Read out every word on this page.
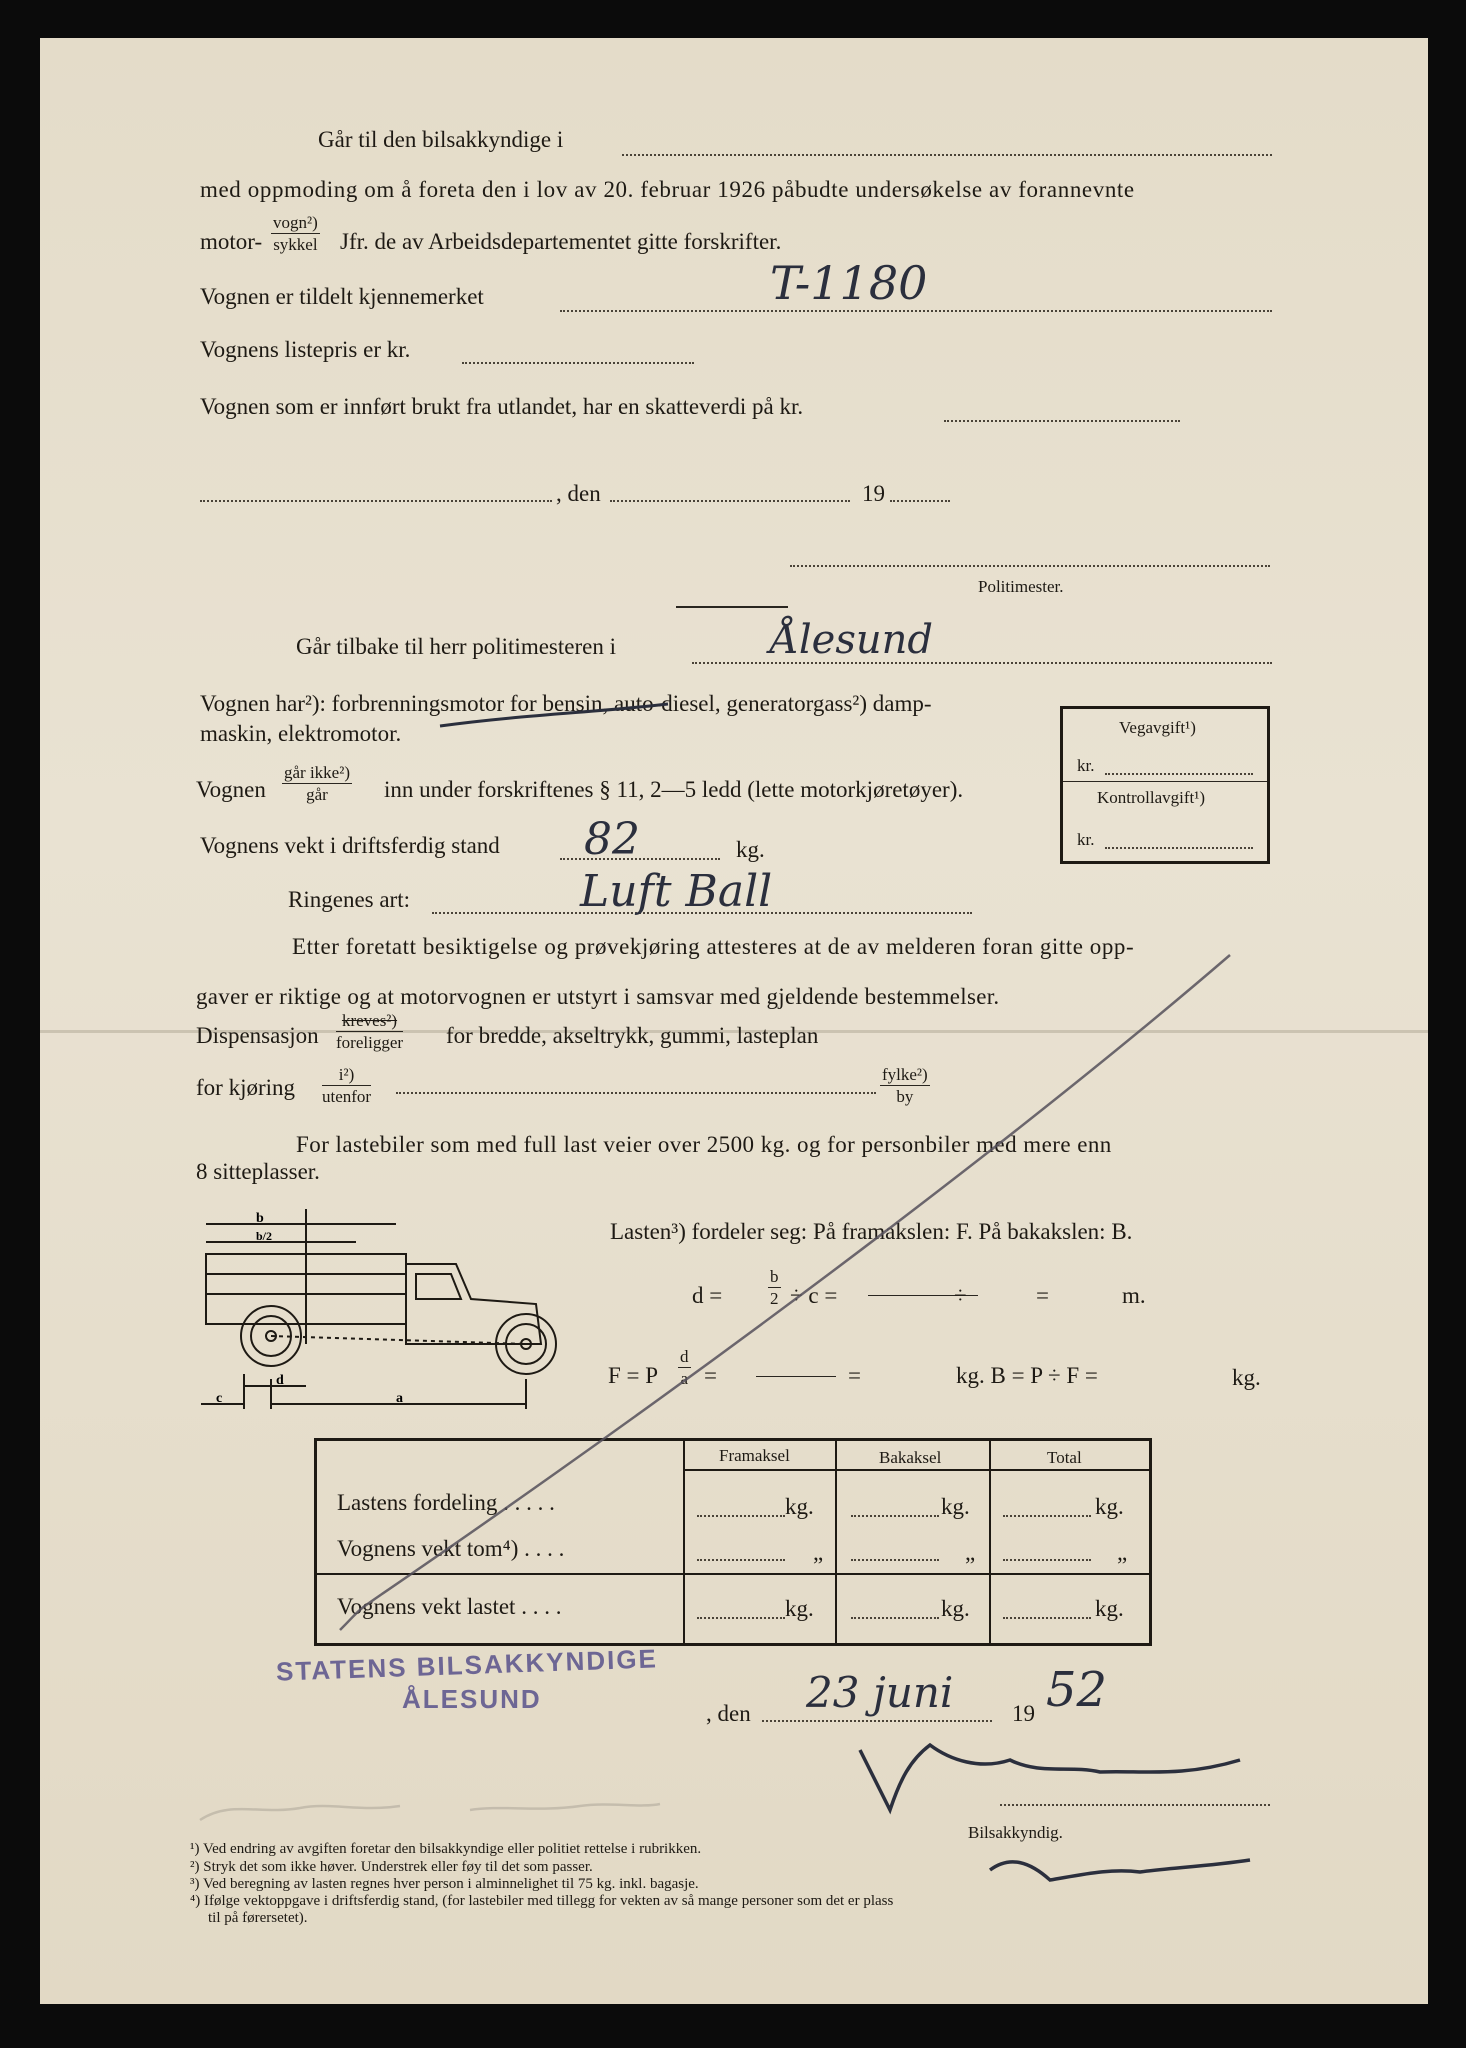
Går til den bilsakkyndige i
med oppmoding om å foreta den i lov av 20. februar 1926 påbudte undersøkelse av forannevnte
motor-
vogn²)
sykkel Jfr. de av Arbeidsdepartementet gitte forskrifter.
Vognen er tildelt kjennemerket	T-1180
Vognens listepris er kr.
Vognen som er innført brukt fra utlandet, har en skatteverdi på kr.
, den	19
Politimester.
Går tilbake til herr politimesteren i	Ålesund
Vognen har²): forbrenningsmotor for bensin, auto-diesel, generatorgass²) damp-
maskin, elektromotor.
Vognen
går ikke²)
går	inn under forskriftenes § 11, 2—5 ledd (lette motorkjøretøyer).
Vognens vekt i driftsferdig stand 82	kg.
Ringenes art:	Luft Ball
Etter foretatt besiktigelse og prøvekjøring attesteres at de av melderen foran gitte opp-
gaver er riktige og at motorvognen er utstyrt i samsvar med gjeldende bestemmelser.
Dispensasjon
kreves²)
foreligger for bredde, akseltrykk, gummi, lasteplan
for kjøring
i²)
utenfor
fylke²)
by
For lastebiler som med full last veier over 2500 kg. og for personbiler med mere enn
8 sitteplasser.
Vegavgift¹)
kr.
Kontrollavgift¹)
kr.
b
b/2
d
c	a
Lasten³) fordeler seg: På framakslen: F. På bakakslen: B.
d =	$\frac{b}{2} \div c$ =	÷	=	m.
F = P $\frac{d}{a}$ =	=	kg. B = P ÷ F =	kg.
Framaksel	Bakaksel	Total
Lastens fordeling . . . . .	kg.	kg.	kg.
Vognens vekt tom⁴) . . . .	„	„	„
Vognens vekt lastet . . . .	kg.	kg.	kg.
STATENS BILSAKKYNDIGE
ÅLESUND	, den 23 juni	19 52
Bilsakkyndig.
¹) Ved endring av avgiften foretar den bilsakkyndige eller politiet rettelse i rubrikken.
²) Stryk det som ikke høver. Understrek eller føy til det som passer.
³) Ved beregning av lasten regnes hver person i alminnelighet til 75 kg. inkl. bagasje.
⁴) Ifølge vektoppgave i driftsferdig stand, (for lastebiler med tillegg for vekten av så mange personer som det er plass
til på førersetet).
